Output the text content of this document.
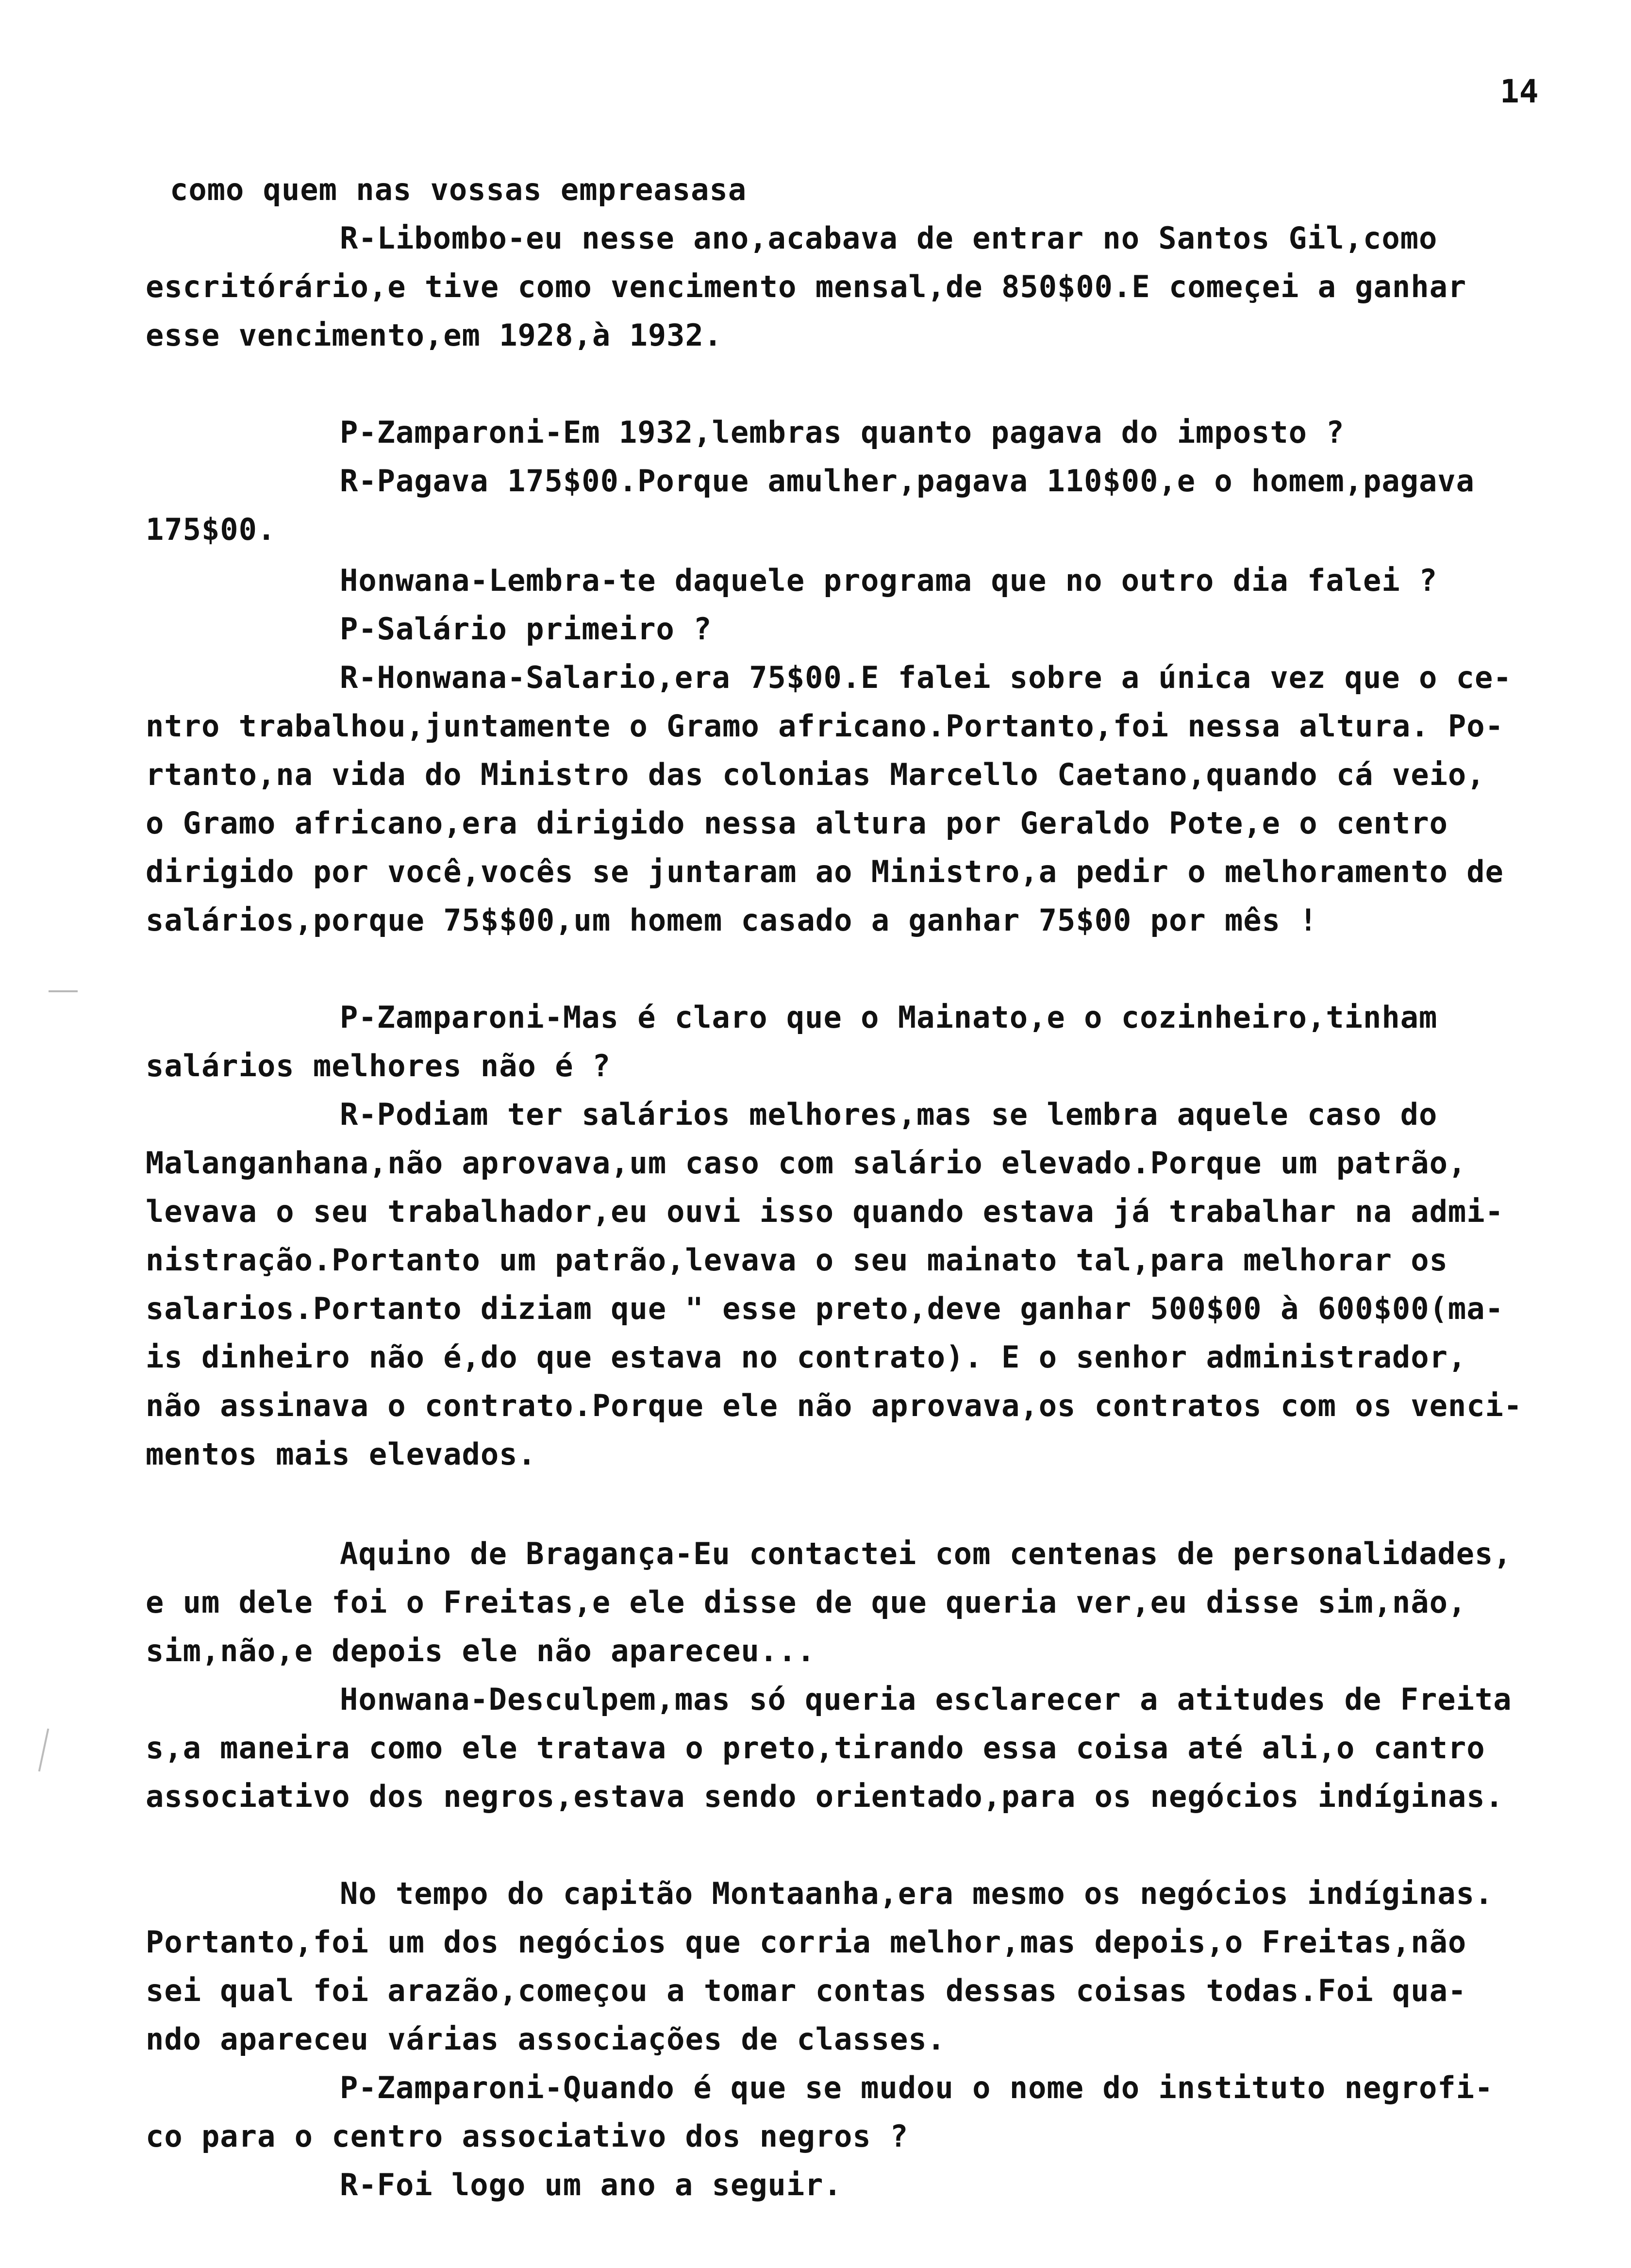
14
como quem nas vossas empreasasa
R-Libombo-eu nesse ano,acabava de entrar no Santos Gil,como
escritórário,e tive como vencimento mensal,de 850$00.E começei a ganhar
esse vencimento,em 1928,à 1932.
P-Zamparoni-Em 1932,lembras quanto pagava do imposto ?
R-Pagava 175$00.Porque amulher,pagava 110$00,e o homem,pagava
175$00.
Honwana-Lembra-te daquele programa que no outro dia falei ?
P-Salário primeiro ?
R-Honwana-Salario,era 75$00.E falei sobre a única vez que o ce-
ntro trabalhou,juntamente o Gramo africano.Portanto,foi nessa altura. Po-
rtanto,na vida do Ministro das colonias Marcello Caetano,quando cá veio,
o Gramo africano,era dirigido nessa altura por Geraldo Pote,e o centro
dirigido por você,vocês se juntaram ao Ministro,a pedir o melhoramento de
salários,porque 75$$00,um homem casado a ganhar 75$00 por mês !
P-Zamparoni-Mas é claro que o Mainato,e o cozinheiro,tinham
salários melhores não é ?
R-Podiam ter salários melhores,mas se lembra aquele caso do
Malanganhana,não aprovava,um caso com salário elevado.Porque um patrão,
levava o seu trabalhador,eu ouvi isso quando estava já trabalhar na admi-
nistração.Portanto um patrão,levava o seu mainato tal,para melhorar os
salarios.Portanto diziam que " esse preto,deve ganhar 500$00 à 600$00(ma-
is dinheiro não é,do que estava no contrato). E o senhor administrador,
não assinava o contrato.Porque ele não aprovava,os contratos com os venci-
mentos mais elevados.
Aquino de Bragança-Eu contactei com centenas de personalidades,
e um dele foi o Freitas,e ele disse de que queria ver,eu disse sim,não,
sim,não,e depois ele não apareceu...
Honwana-Desculpem,mas só queria esclarecer a atitudes de Freita
s,a maneira como ele tratava o preto,tirando essa coisa até ali,o cantro
associativo dos negros,estava sendo orientado,para os negócios indíginas.
No tempo do capitão Montaanha,era mesmo os negócios indíginas.
Portanto,foi um dos negócios que corria melhor,mas depois,o Freitas,não
sei qual foi arazão,começou a tomar contas dessas coisas todas.Foi qua-
ndo apareceu várias associações de classes.
P-Zamparoni-Quando é que se mudou o nome do instituto negrofi-
co para o centro associativo dos negros ?
R-Foi logo um ano a seguir.
